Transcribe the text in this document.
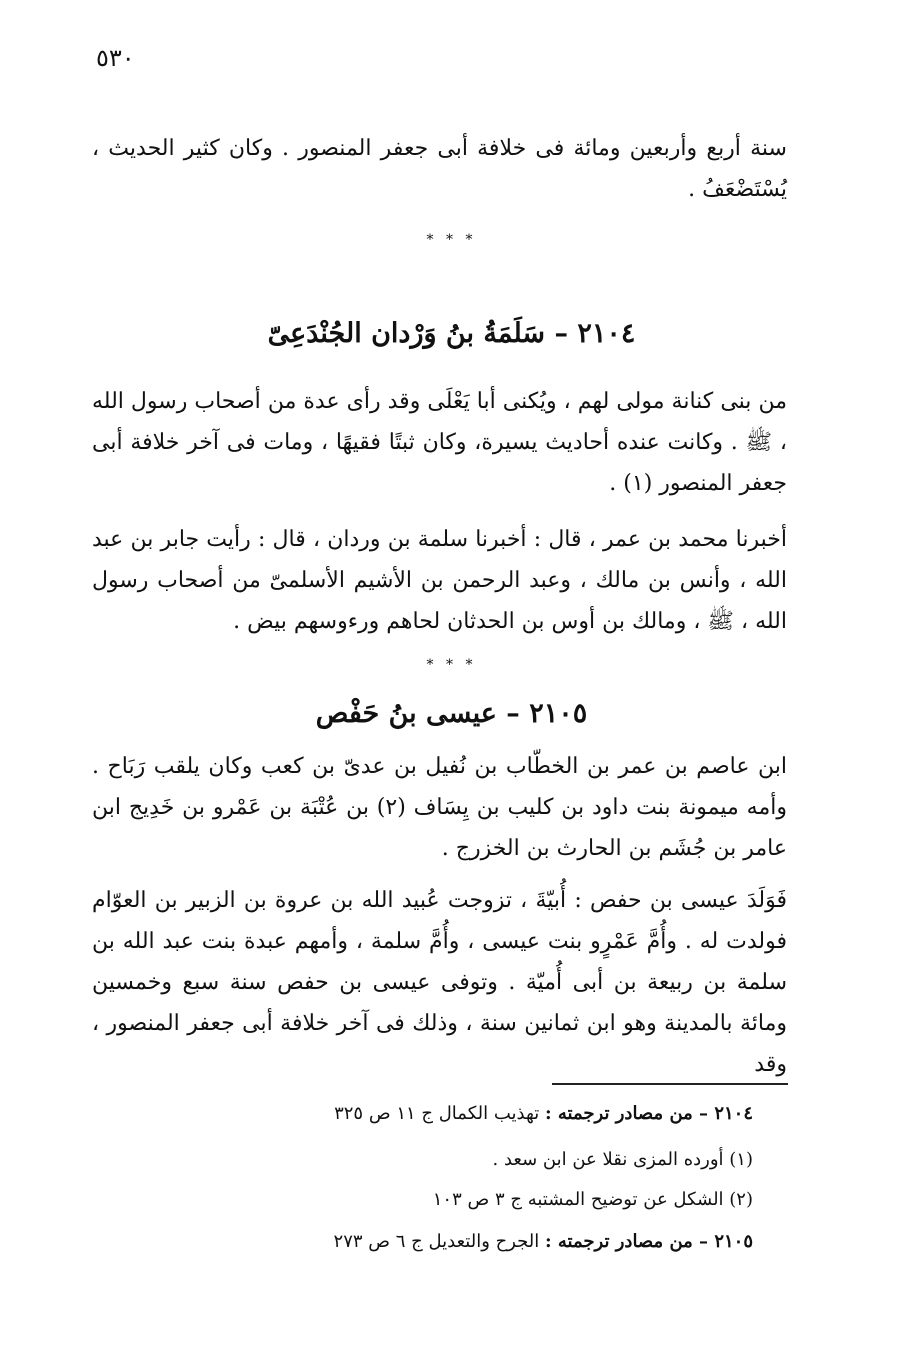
٥٣٠
سنة أربع وأربعين ومائة فى خلافة أبى جعفر المنصور . وكان كثير الحديث ، يُسْتَضْعَفُ .
* * *
٢١٠٤ – سَلَمَةُ بنُ وَرْدان الجُنْدَعِىّ
من بنى كنانة مولى لهم ، ويُكنى أبا يَعْلَى وقد رأى عدة من أصحاب رسول الله ، ﷺ . وكانت عنده أحاديث يسيرة، وكان ثبتًا فقيهًا ، ومات فى آخر خلافة أبى جعفر المنصور (١) .
أخبرنا محمد بن عمر ، قال : أخبرنا سلمة بن وردان ، قال : رأيت جابر بن عبد الله ، وأنس بن مالك ، وعبد الرحمن بن الأشيم الأسلمىّ من أصحاب رسول الله ، ﷺ ، ومالك بن أوس بن الحدثان لحاهم ورءوسهم بيض .
* * *
٢١٠٥ – عيسى بنُ حَفْص
ابن عاصم بن عمر بن الخطّاب بن نُفيل بن عدىّ بن كعب وكان يلقب رَبَاح . وأمه ميمونة بنت داود بن كليب بن يِسَاف (٢) بن عُتْبَة بن عَمْرو بن خَدِيج ابن عامر بن جُشَم بن الحارث بن الخزرج .
فَوَلَدَ عيسى بن حفص : أُبيّةَ ، تزوجت عُبيد الله بن عروة بن الزبير بن العوّام فولدت له . وأُمَّ عَمْرٍو بنت عيسى ، وأُمَّ سلمة ، وأمهم عبدة بنت عبد الله بن سلمة بن ربيعة بن أبى أُميّة . وتوفى عيسى بن حفص سنة سبع وخمسين ومائة بالمدينة وهو ابن ثمانين سنة ، وذلك فى آخر خلافة أبى جعفر المنصور ، وقد
٢١٠٤ – من مصادر ترجمته : تهذيب الكمال ج ١١ ص ٣٢٥
(١) أورده المزى نقلا عن ابن سعد .
(٢) الشكل عن توضيح المشتبه ج ٣ ص ١٠٣
٢١٠٥ – من مصادر ترجمته : الجرح والتعديل ج ٦ ص ٢٧٣
